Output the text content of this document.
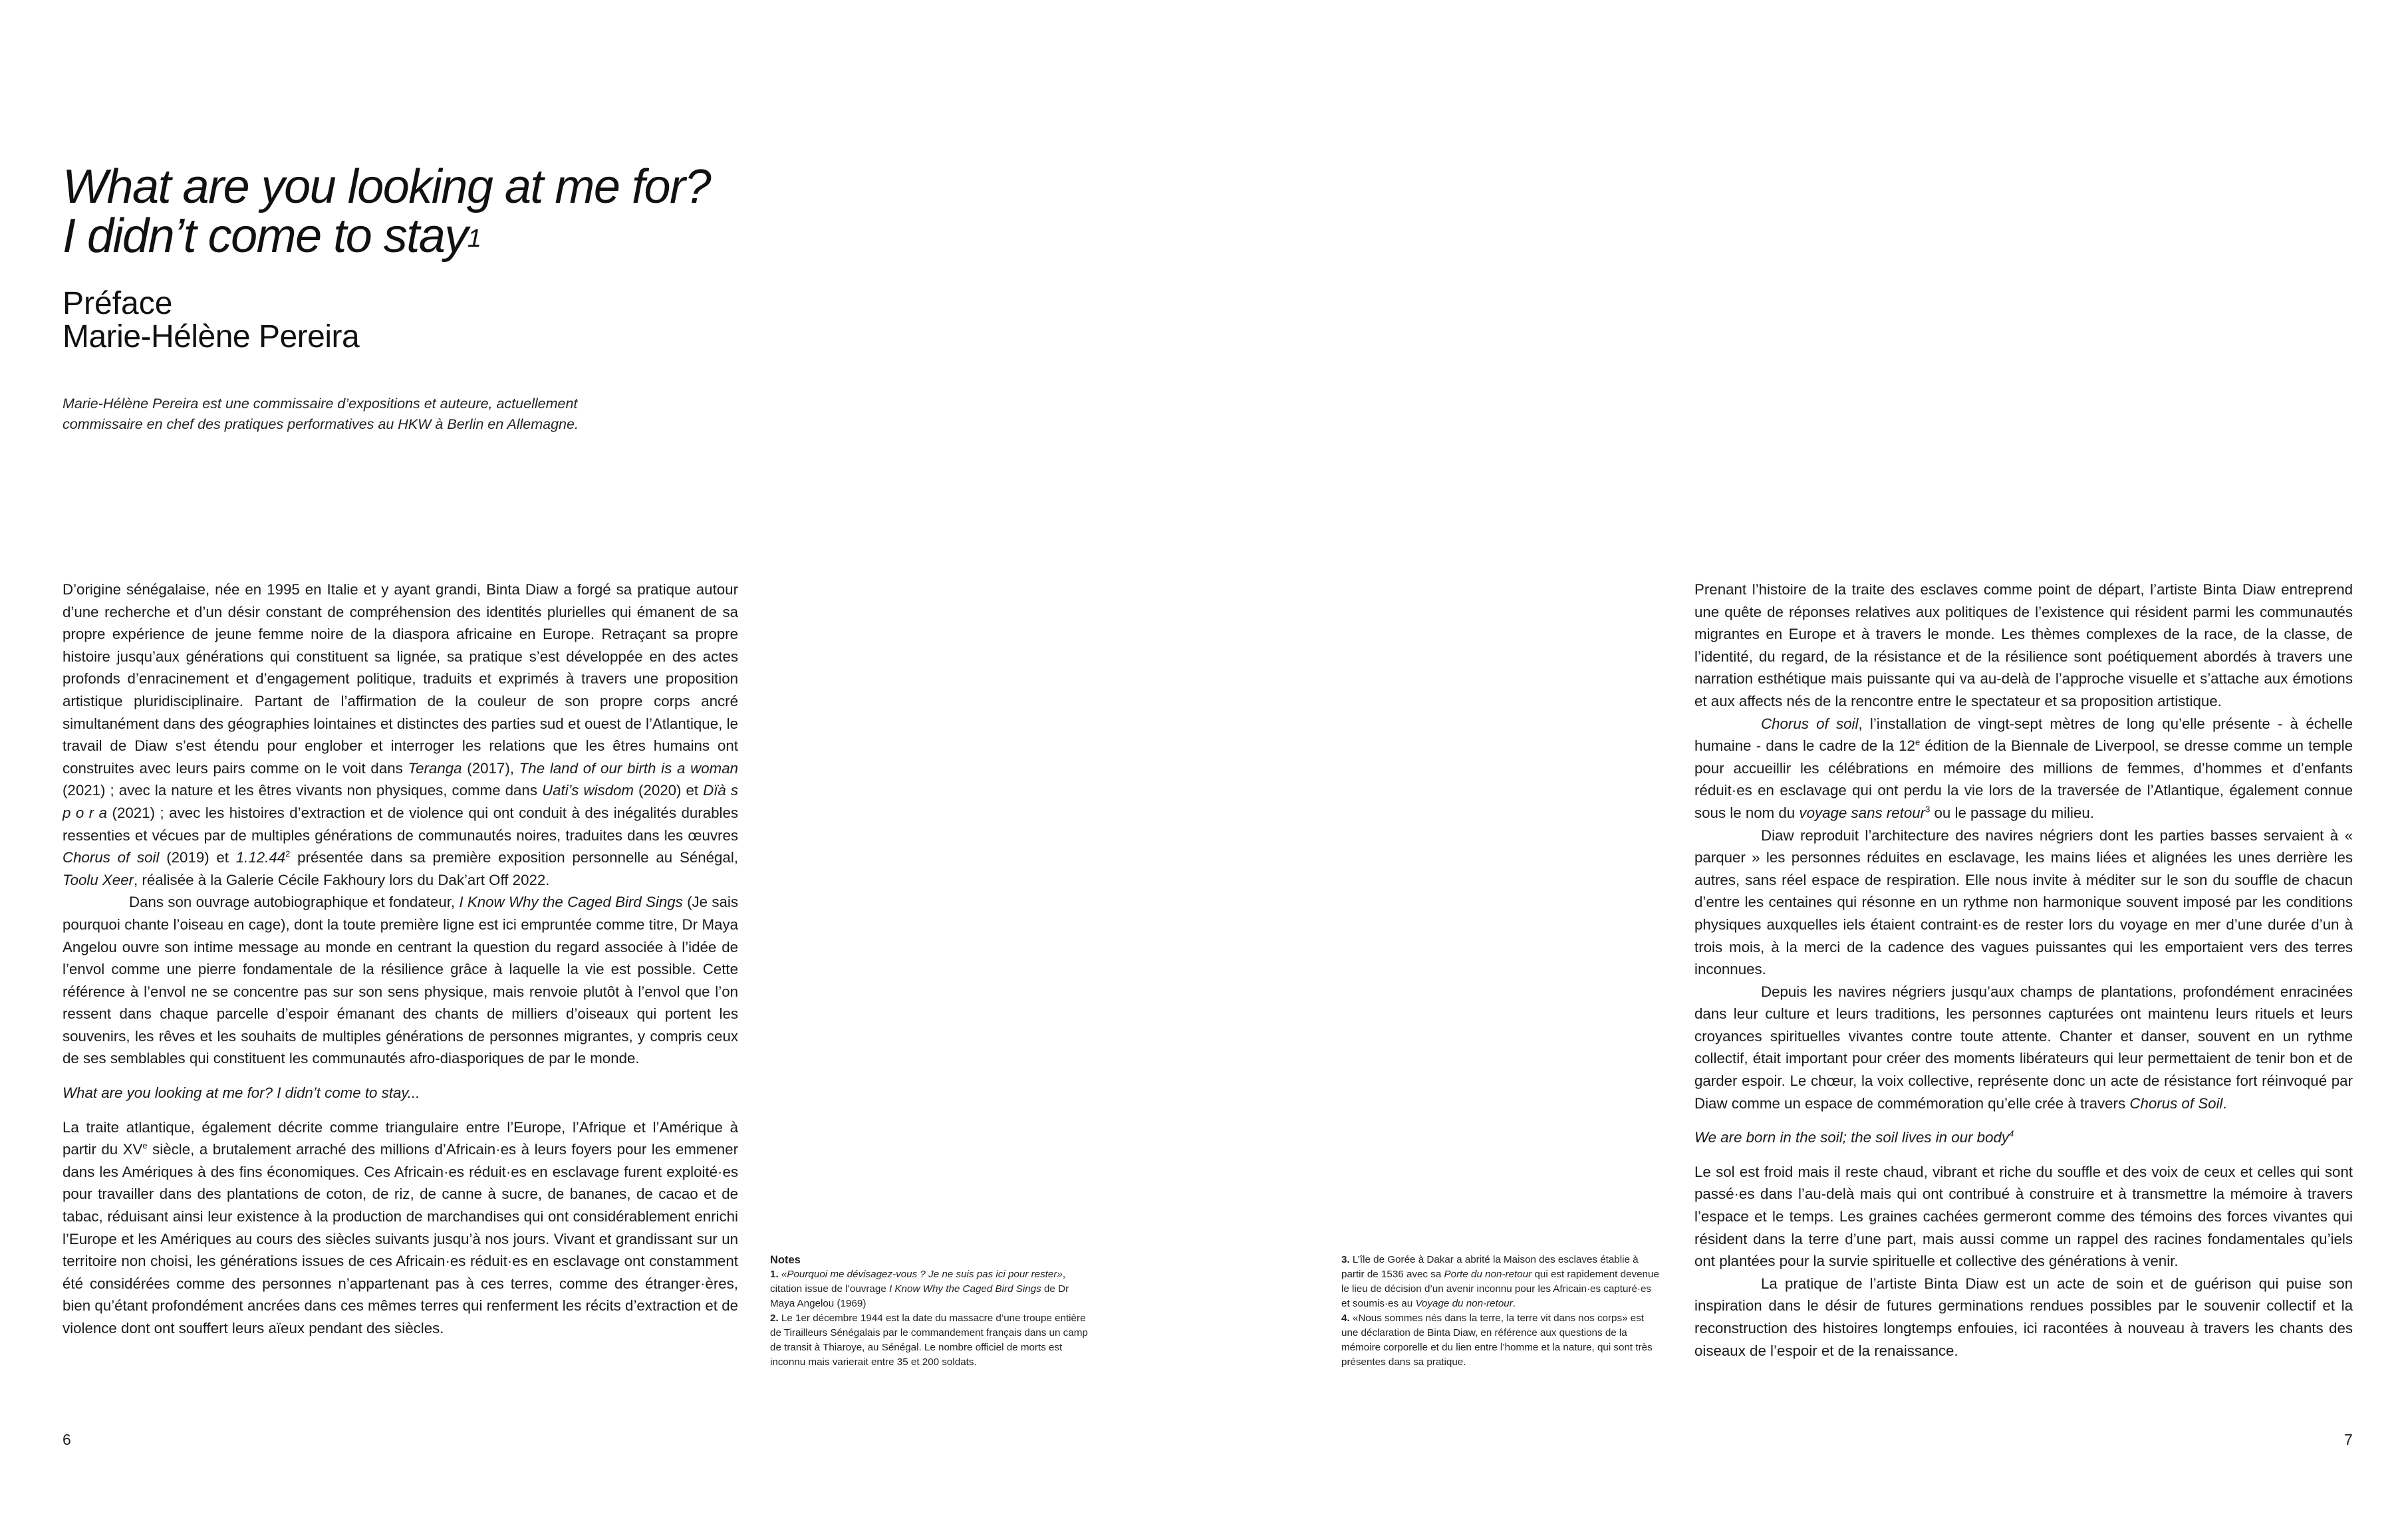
What are you looking at me for?
I didn’t come to stay$^1$
Préface
Marie-Hélène Pereira

Marie-Hélène Pereira est une commissaire d’expositions et auteure, actuellement
commissaire en chef des pratiques performatives au HKW à Berlin en Allemagne.

D’origine sénégalaise, née en 1995 en Italie et y ayant grandi, Binta Diaw a forgé sa pratique autour d’une recherche et d’un désir constant de compréhension des identités plurielles qui émanent de sa propre expérience de jeune femme noire de la diaspora africaine en Europe. Retraçant sa propre histoire jusqu’aux générations qui constituent sa lignée, sa pratique s’est développée en des actes profonds d’enracinement et d’engagement politique, traduits et exprimés à travers une proposition artistique pluridisciplinaire. Partant de l’affirmation de la couleur de son propre corps ancré simultanément dans des géographies lointaines et distinctes des parties sud et ouest de l’Atlantique, le travail de Diaw s’est étendu pour englober et interroger les relations que les êtres humains ont construites avec leurs pairs comme on le voit dans Teranga (2017), The land of our birth is a woman (2021) ; avec la nature et les êtres vivants non physiques, comme dans Uati’s wisdom (2020) et Dïà s p o r a (2021) ; avec les histoires d’extraction et de violence qui ont conduit à des inégalités durables ressenties et vécues par de multiples générations de communautés noires, traduites dans les œuvres Chorus of soil (2019) et 1.12.44$^2$ présentée dans sa première exposition personnelle au Sénégal, Toolu Xeer, réalisée à la Galerie Cécile Fakhoury lors du Dak’art Off 2022.

Dans son ouvrage autobiographique et fondateur, I Know Why the Caged Bird Sings (Je sais pourquoi chante l’oiseau en cage), dont la toute première ligne est ici empruntée comme titre, Dr Maya Angelou ouvre son intime message au monde en centrant la question du regard associée à l’idée de l’envol comme une pierre fondamentale de la résilience grâce à laquelle la vie est possible. Cette référence à l’envol ne se concentre pas sur son sens physique, mais renvoie plutôt à l’envol que l’on ressent dans chaque parcelle d’espoir émanant des chants de milliers d’oiseaux qui portent les souvenirs, les rêves et les souhaits de multiples générations de personnes migrantes, y compris ceux de ses semblables qui constituent les communautés afro-diasporiques de par le monde.

What are you looking at me for? I didn’t come to stay...

La traite atlantique, également décrite comme triangulaire entre l’Europe, l’Afrique et l’Amérique à partir du XVe siècle, a brutalement arraché des millions d’Africain·es à leurs foyers pour les emmener dans les Amériques à des fins économiques. Ces Africain·es réduit·es en esclavage furent exploité·es pour travailler dans des plantations de coton, de riz, de canne à sucre, de bananes, de cacao et de tabac, réduisant ainsi leur existence à la production de marchandises qui ont considérablement enrichi l’Europe et les Amériques au cours des siècles suivants jusqu’à nos jours. Vivant et grandissant sur un territoire non choisi, les générations issues de ces Africain·es réduit·es en esclavage ont constamment été considérées comme des personnes n’appartenant pas à ces terres, comme des étranger·ères, bien qu’étant profondément ancrées dans ces mêmes terres qui renferment les récits d’extraction et de violence dont ont souffert leurs aïeux pendant des siècles.

Notes

1. «Pourquoi me dévisagez-vous ? Je ne suis pas ici pour rester», citation issue de l’ouvrage I Know Why the Caged Bird Sings de Dr Maya Angelou (1969)

2. Le 1er décembre 1944 est la date du massacre d’une troupe entière de Tirailleurs Sénégalais par le commandement français dans un camp de transit à Thiaroye, au Sénégal. Le nombre officiel de morts est inconnu mais varierait entre 35 et 200 soldats.

3. L’île de Gorée à Dakar a abrité la Maison des esclaves établie à partir de 1536 avec sa Porte du non-retour qui est rapidement devenue le lieu de décision d’un avenir inconnu pour les Africain·es capturé·es et soumis·es au Voyage du non-retour.

4. «Nous sommes nés dans la terre, la terre vit dans nos corps» est une déclaration de Binta Diaw, en référence aux questions de la mémoire corporelle et du lien entre l’homme et la nature, qui sont très présentes dans sa pratique.

Prenant l’histoire de la traite des esclaves comme point de départ, l’artiste Binta Diaw entreprend une quête de réponses relatives aux politiques de l’existence qui résident parmi les communautés migrantes en Europe et à travers le monde. Les thèmes complexes de la race, de la classe, de l’identité, du regard, de la résistance et de la résilience sont poétiquement abordés à travers une narration esthétique mais puissante qui va au-delà de l’approche visuelle et s’attache aux émotions et aux affects nés de la rencontre entre le spectateur et sa proposition artistique.

Chorus of soil, l’installation de vingt-sept mètres de long qu’elle présente - à échelle humaine - dans le cadre de la 12e édition de la Biennale de Liverpool, se dresse comme un temple pour accueillir les célébrations en mémoire des millions de femmes, d’hommes et d’enfants réduit·es en esclavage qui ont perdu la vie lors de la traversée de l’Atlantique, également connue sous le nom du voyage sans retour$^3$ ou le passage du milieu.

Diaw reproduit l’architecture des navires négriers dont les parties basses servaient à « parquer » les personnes réduites en esclavage, les mains liées et alignées les unes derrière les autres, sans réel espace de respiration. Elle nous invite à méditer sur le son du souffle de chacun d’entre les centaines qui résonne en un rythme non harmonique souvent imposé par les conditions physiques auxquelles iels étaient contraint·es de rester lors du voyage en mer d’une durée d’un à trois mois, à la merci de la cadence des vagues puissantes qui les emportaient vers des terres inconnues.

Depuis les navires négriers jusqu’aux champs de plantations, profondément enracinées dans leur culture et leurs traditions, les personnes capturées ont maintenu leurs rituels et leurs croyances spirituelles vivantes contre toute attente. Chanter et danser, souvent en un rythme collectif, était important pour créer des moments libérateurs qui leur permettaient de tenir bon et de garder espoir. Le chœur, la voix collective, représente donc un acte de résistance fort réinvoqué par Diaw comme un espace de commémoration qu’elle crée à travers Chorus of Soil.

We are born in the soil; the soil lives in our body$^4$

Le sol est froid mais il reste chaud, vibrant et riche du souffle et des voix de ceux et celles qui sont passé·es dans l’au-delà mais qui ont contribué à construire et à transmettre la mémoire à travers l’espace et le temps. Les graines cachées germeront comme des témoins des forces vivantes qui résident dans la terre d’une part, mais aussi comme un rappel des racines fondamentales qu’iels ont plantées pour la survie spirituelle et collective des générations à venir.

La pratique de l’artiste Binta Diaw est un acte de soin et de guérison qui puise son inspiration dans le désir de futures germinations rendues possibles par le souvenir collectif et la reconstruction des histoires longtemps enfouies, ici racontées à nouveau à travers les chants des oiseaux de l’espoir et de la renaissance.

6	7
